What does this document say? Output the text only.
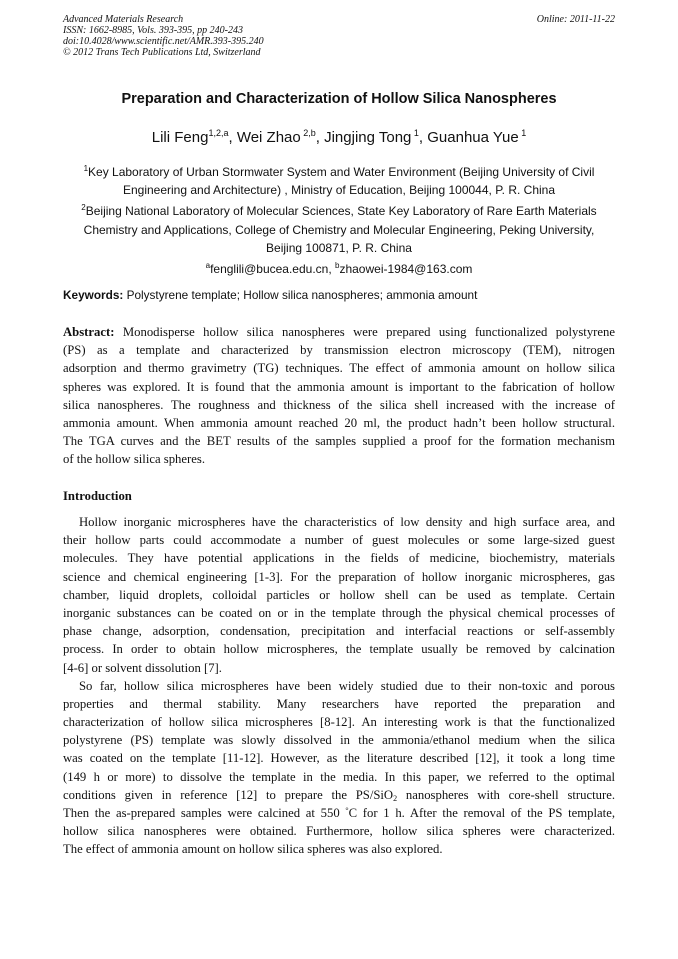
Advanced Materials Research	Online: 2011-11-22
ISSN: 1662-8985, Vols. 393-395, pp 240-243
doi:10.4028/www.scientific.net/AMR.393-395.240
© 2012 Trans Tech Publications Ltd, Switzerland
Preparation and Characterization of Hollow Silica Nanospheres
Lili Feng$^{1,2,a}$, Wei Zhao $^{2,b}$, Jingjing Tong $^1$, Guanhua Yue $^1$
$^1$Key Laboratory of Urban Stormwater System and Water Environment (Beijing University of Civil
Engineering and Architecture) , Ministry of Education, Beijing 100044, P. R. China
$^2$Beijing National Laboratory of Molecular Sciences, State Key Laboratory of Rare Earth Materials
Chemistry and Applications, College of Chemistry and Molecular Engineering, Peking University,
Beijing 100871, P. R. China
$^a$fenglili@bucea.edu.cn, $^b$zhaowei-1984@163.com
Keywords: Polystyrene template; Hollow silica nanospheres; ammonia amount
Abstract: Monodisperse hollow silica nanospheres were prepared using functionalized polystyrene
(PS) as a template and characterized by transmission electron microscopy (TEM), nitrogen
adsorption and thermo gravimetry (TG) techniques. The effect of ammonia amount on hollow silica
spheres was explored. It is found that the ammonia amount is important to the fabrication of hollow
silica nanospheres. The roughness and thickness of the silica shell increased with the increase of
ammonia amount. When ammonia amount reached 20 ml, the product hadn’t been hollow structural.
The TGA curves and the BET results of the samples supplied a proof for the formation mechanism
of the hollow silica spheres.
Introduction
Hollow inorganic microspheres have the characteristics of low density and high surface area, and
their hollow parts could accommodate a number of guest molecules or some large-sized guest
molecules. They have potential applications in the fields of medicine, biochemistry, materials
science and chemical engineering [1-3]. For the preparation of hollow inorganic microspheres, gas
chamber, liquid droplets, colloidal particles or hollow shell can be used as template. Certain
inorganic substances can be coated on or in the template through the physical chemical processes of
phase change, adsorption, condensation, precipitation and interfacial reactions or self-assembly
process. In order to obtain hollow microspheres, the template usually be removed by calcination
[4-6] or solvent dissolution [7].
So far, hollow silica microspheres have been widely studied due to their non-toxic and porous
properties and thermal stability. Many researchers have reported the preparation and
characterization of hollow silica microspheres [8-12]. An interesting work is that the functionalized
polystyrene (PS) template was slowly dissolved in the ammonia/ethanol medium when the silica
was coated on the template [11-12]. However, as the literature described [12], it took a long time
(149 h or more) to dissolve the template in the media. In this paper, we referred to the optimal
conditions given in reference [12] to prepare the PS/SiO$_2$ nanospheres with core-shell structure.
Then the as-prepared samples were calcined at 550 °C for 1 h. After the removal of the PS template,
hollow silica nanospheres were obtained. Furthermore, hollow silica spheres were characterized.
The effect of ammonia amount on hollow silica spheres was also explored.
